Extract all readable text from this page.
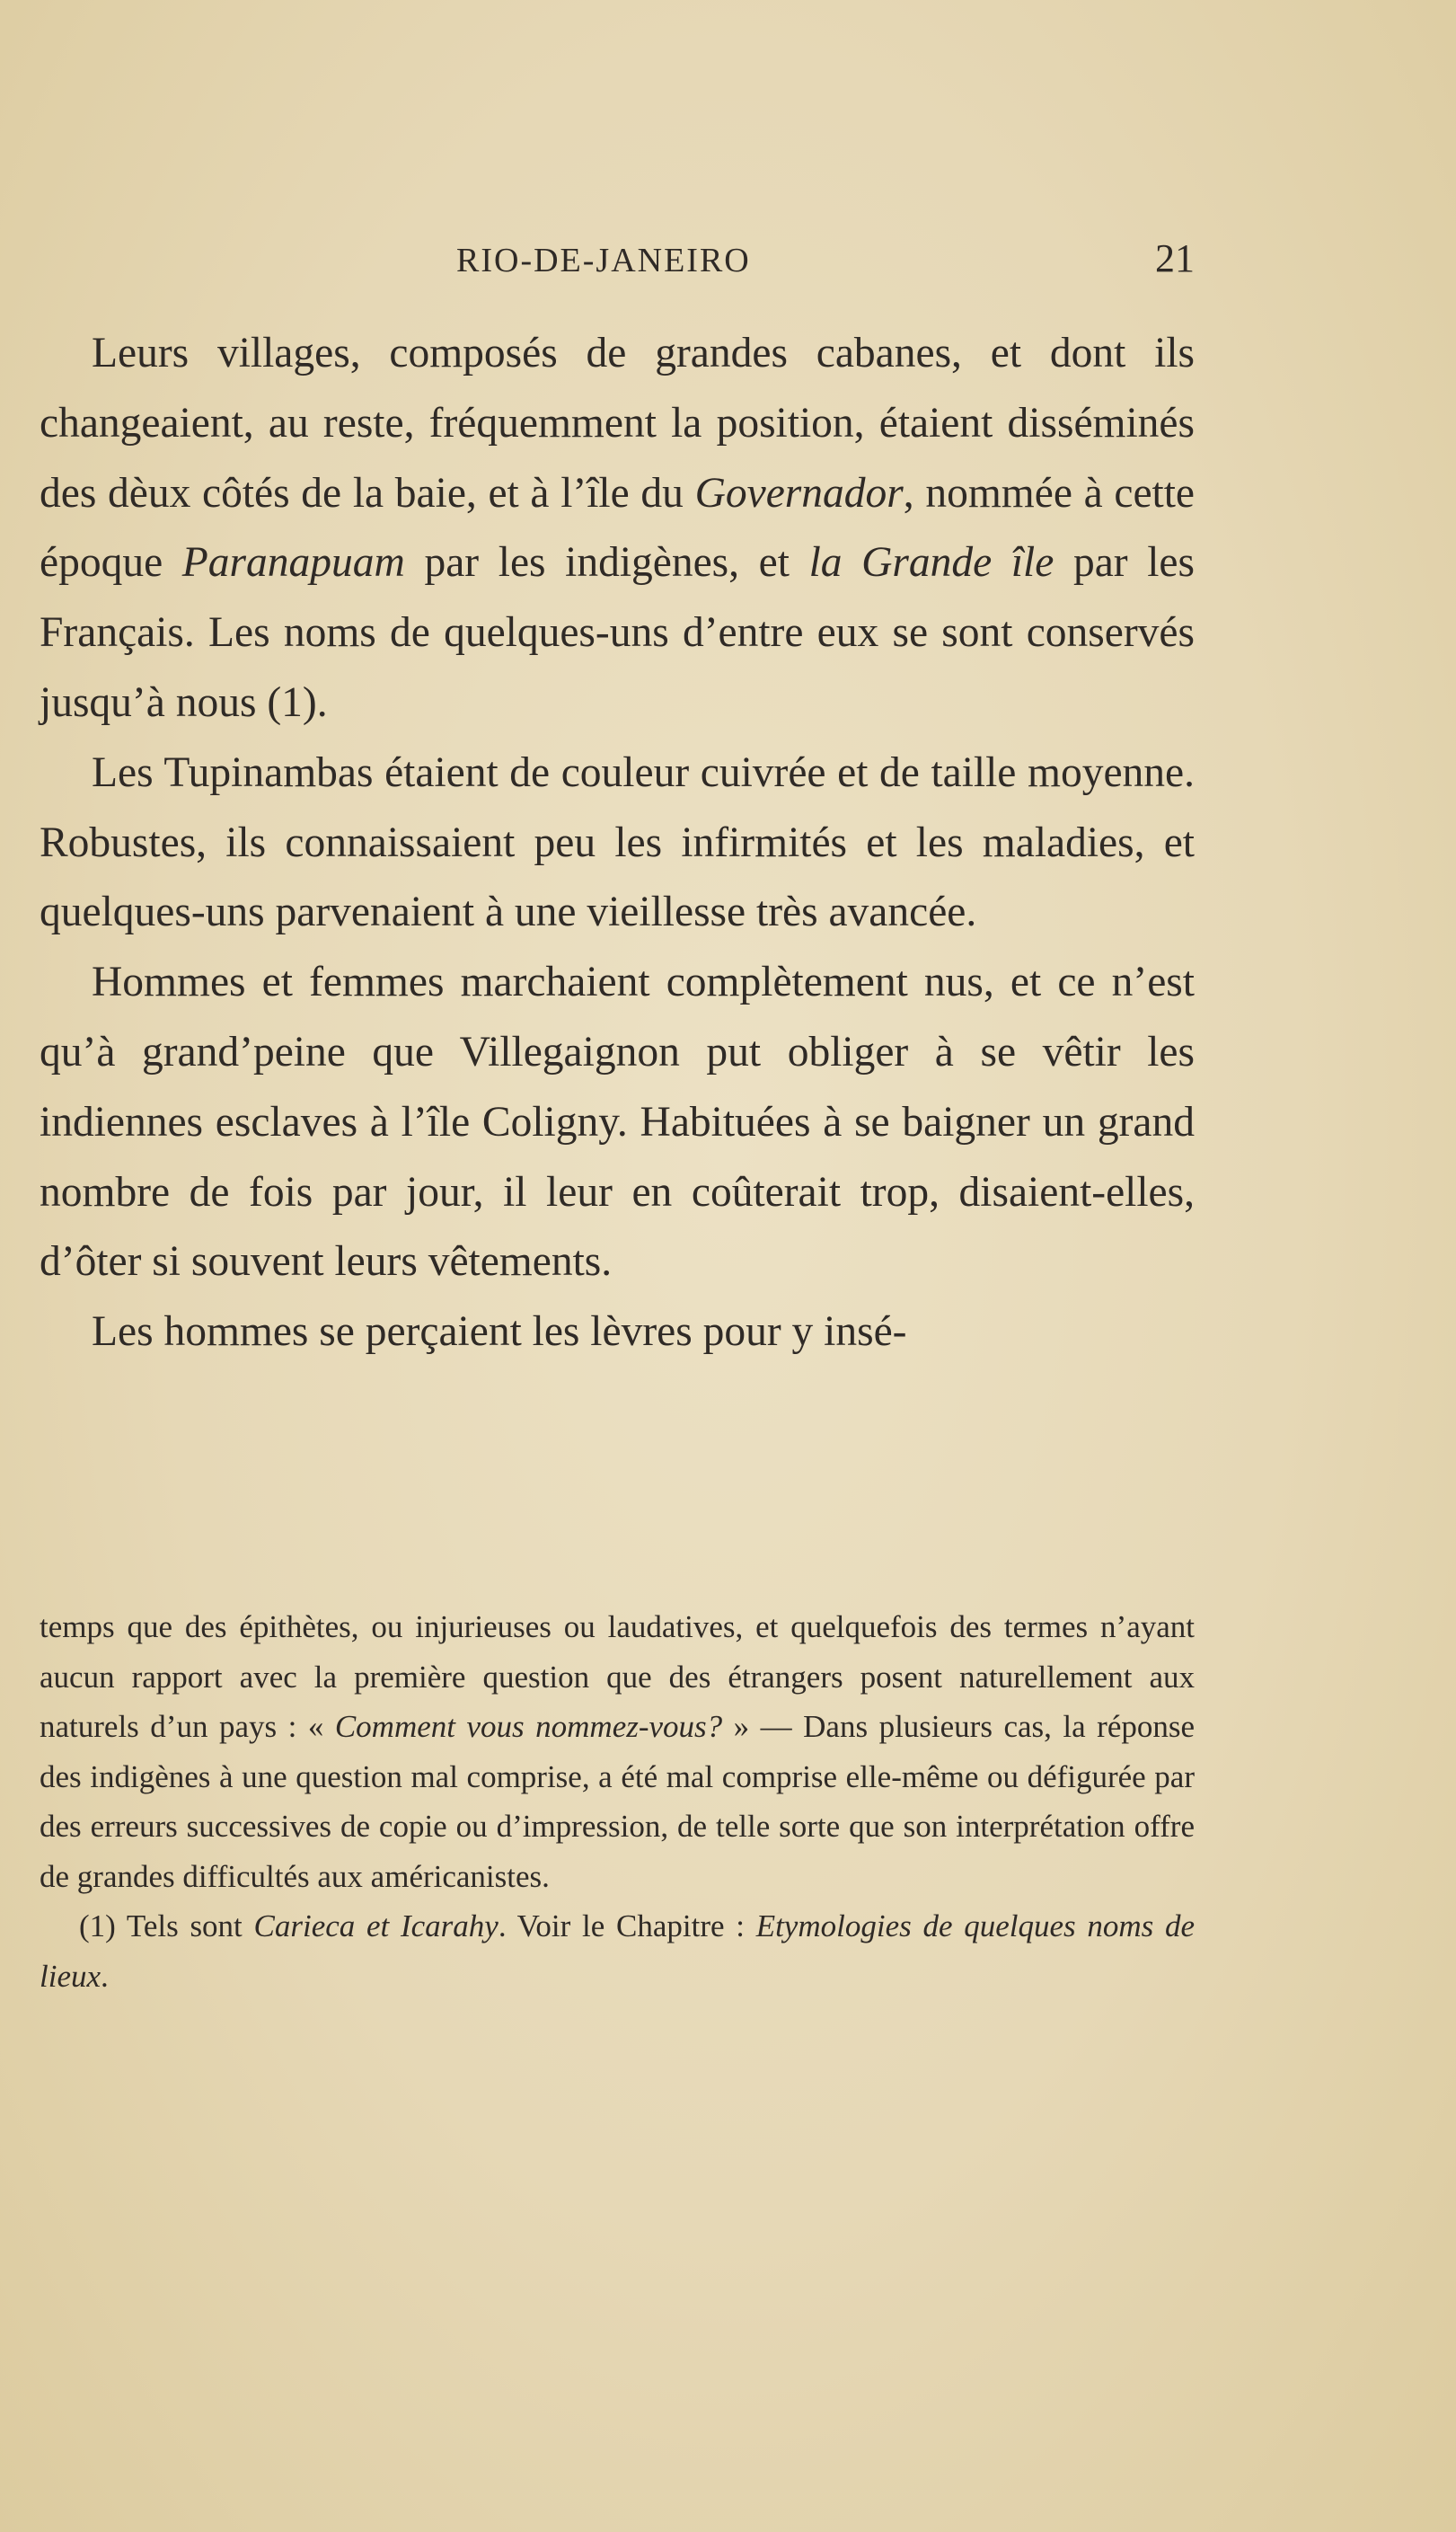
RIO-DE-JANEIRO	21

Leurs villages, composés de grandes cabanes, et dont ils changeaient, au reste, fréquemment la position, étaient disséminés des dèux côtés de la baie, et à l’île du Governador, nommée à cette époque Paranapuam par les indigènes, et la Grande île par les Français. Les noms de quelques-uns d’entre eux se sont conservés jusqu’à nous (1).

Les Tupinambas étaient de couleur cuivrée et de taille moyenne. Robustes, ils connaissaient peu les infirmités et les maladies, et quelques-uns parvenaient à une vieillesse très avancée.

Hommes et femmes marchaient complètement nus, et ce n’est qu’à grand’peine que Villegaignon put obliger à se vêtir les indiennes esclaves à l’île Coligny. Habituées à se baigner un grand nombre de fois par jour, il leur en coûterait trop, disaient-elles, d’ôter si souvent leurs vêtements.

Les hommes se perçaient les lèvres pour y insé-

temps que des épithètes, ou injurieuses ou laudatives, et quelquefois des termes n’ayant aucun rapport avec la première question que des étrangers posent naturellement aux naturels d’un pays : « Comment vous nommez-vous? » — Dans plusieurs cas, la réponse des indigènes à une question mal comprise, a été mal comprise elle-même ou défigurée par des erreurs successives de copie ou d’impression, de telle sorte que son interprétation offre de grandes difficultés aux américanistes.

(1) Tels sont Carieca et Icarahy. Voir le Chapitre : Etymologies de quelques noms de lieux.
